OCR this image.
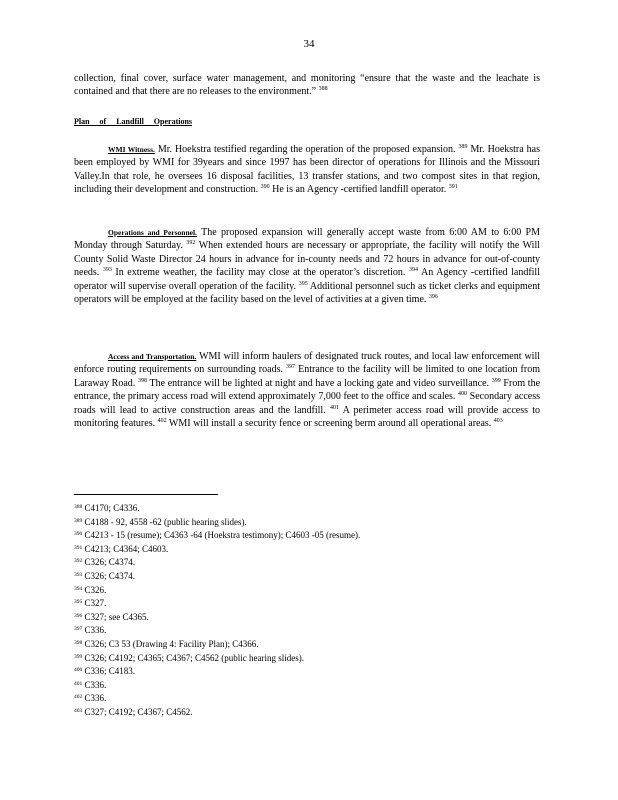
34
collection, final cover, surface water management, and monitoring “ensure that the waste and the leachate is contained and that there are no releases to the environment.” $^{388}$
Plan of Landfill Operations
WMI Witness. Mr. Hoekstra testified regarding the operation of the proposed expansion. $^{389}$ Mr. Hoekstra has been employed by WMI for 39years and since 1997 has been director of operations for Illinois and the Missouri Valley.In that role, he oversees 16 disposal facilities, 13 transfer stations, and two compost sites in that region, including their development and construction. $^{390}$ He is an Agency -certified landfill operator. $^{391}$
Operations and Personnel. The proposed expansion will generally accept waste from 6:00 AM to 6:00 PM Monday through Saturday. $^{392}$ When extended hours are necessary or appropriate, the facility will notify the Will County Solid Waste Director 24 hours in advance for in-county needs and 72 hours in advance for out-of-county needs. $^{393}$ In extreme weather, the facility may close at the operator’s discretion. $^{394}$ An Agency -certified landfill operator will supervise overall operation of the facility. $^{395}$ Additional personnel such as ticket clerks and equipment operators will be employed at the facility based on the level of activities at a given time. $^{396}$
Access and Transportation. WMI will inform haulers of designated truck routes, and local law enforcement will enforce routing requirements on surrounding roads. $^{397}$ Entrance to the facility will be limited to one location from Laraway Road. $^{398}$ The entrance will be lighted at night and have a locking gate and video surveillance. $^{399}$ From the entrance, the primary access road will extend approximately 7,000 feet to the office and scales. $^{400}$ Secondary access roads will lead to active construction areas and the landfill. $^{401}$ A perimeter access road will provide access to monitoring features. $^{402}$ WMI will install a security fence or screening berm around all operational areas. $^{403}$
$^{388}$ C4170; C4336.
$^{389}$ C4188 - 92, 4558 -62 (public hearing slides).
$^{390}$ C4213 - 15 (resume); C4363 -64 (Hoekstra testimony); C4603 -05 (resume).
$^{391}$ C4213; C4364; C4603.
$^{392}$ C326; C4374.
$^{393}$ C326; C4374.
$^{394}$ C326.
$^{395}$ C327.
$^{396}$ C327; see C4365.
$^{397}$ C336.
$^{398}$ C326; C3 53 (Drawing 4: Facility Plan); C4366.
$^{399}$ C326; C4192; C4365; C4367; C4562 (public hearing slides).
$^{400}$ C336; C4183.
$^{401}$ C336.
$^{402}$ C336.
$^{403}$ C327; C4192; C4367; C4562.
